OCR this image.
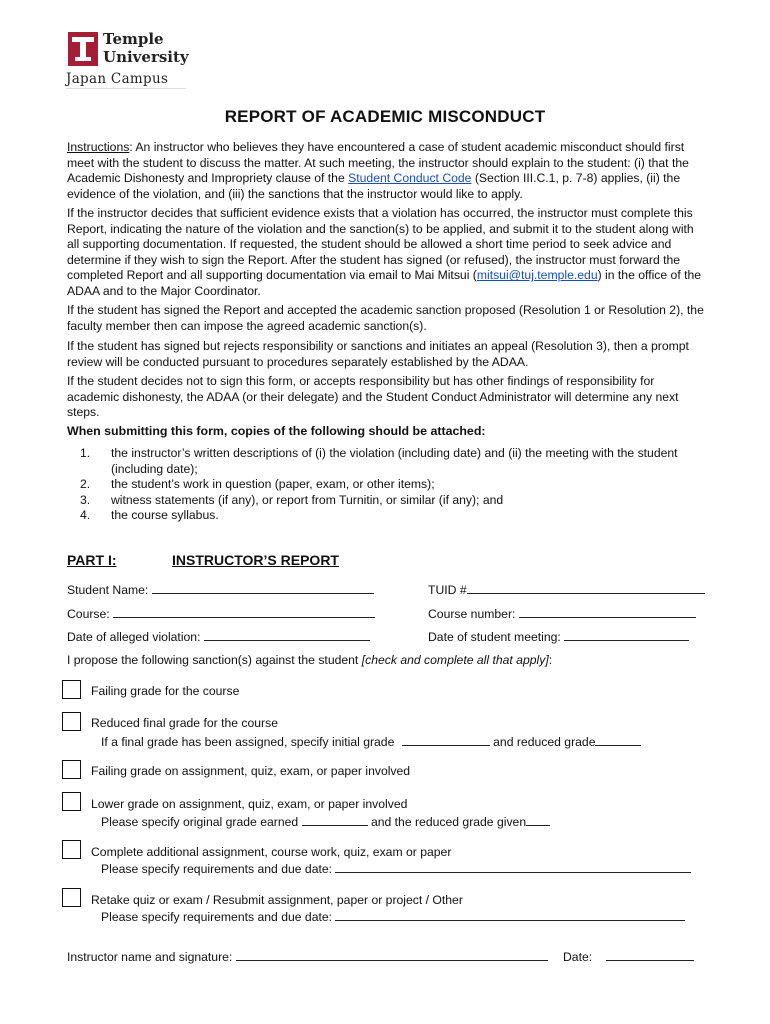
Temple
University
Japan Campus
REPORT OF ACADEMIC MISCONDUCT

Instructions: An instructor who believes they have encountered a case of student academic misconduct should first meet with the student to discuss the matter. At such meeting, the instructor should explain to the student: (i) that the Academic Dishonesty and Impropriety clause of the Student Conduct Code (Section III.C.1, p. 7-8) applies, (ii) the evidence of the violation, and (iii) the sanctions that the instructor would like to apply.

If the instructor decides that sufficient evidence exists that a violation has occurred, the instructor must complete this Report, indicating the nature of the violation and the sanction(s) to be applied, and submit it to the student along with all supporting documentation. If requested, the student should be allowed a short time period to seek advice and determine if they wish to sign the Report. After the student has signed (or refused), the instructor must forward the completed Report and all supporting documentation via email to Mai Mitsui (mitsui@tuj.temple.edu) in the office of the ADAA and to the Major Coordinator.

If the student has signed the Report and accepted the academic sanction proposed (Resolution 1 or Resolution 2), the faculty member then can impose the agreed academic sanction(s).

If the student has signed but rejects responsibility or sanctions and initiates an appeal (Resolution 3), then a prompt review will be conducted pursuant to procedures separately established by the ADAA.

If the student decides not to sign this form, or accepts responsibility but has other findings of responsibility for academic dishonesty, the ADAA (or their delegate) and the Student Conduct Administrator will determine any next steps.

When submitting this form, copies of the following should be attached:
1. the instructor’s written descriptions of (i) the violation (including date) and (ii) the meeting with the student (including date);
2. the student’s work in question (paper, exam, or other items);
3. witness statements (if any), or report from Turnitin, or similar (if any); and
4. the course syllabus.
PART I:	INSTRUCTOR’S REPORT
Student Name:	TUID #
Course:	Course number:
Date of alleged violation:	Date of student meeting:
I propose the following sanction(s) against the student [check and complete all that apply]:
Failing grade for the course
Reduced final grade for the course
If a final grade has been assigned, specify initial grade	and reduced grade
Failing grade on assignment, quiz, exam, or paper involved
Lower grade on assignment, quiz, exam, or paper involved
Please specify original grade earned	and the reduced grade given
Complete additional assignment, course work, quiz, exam or paper
Please specify requirements and due date:
Retake quiz or exam / Resubmit assignment, paper or project / Other
Please specify requirements and due date:
Instructor name and signature:	Date:
